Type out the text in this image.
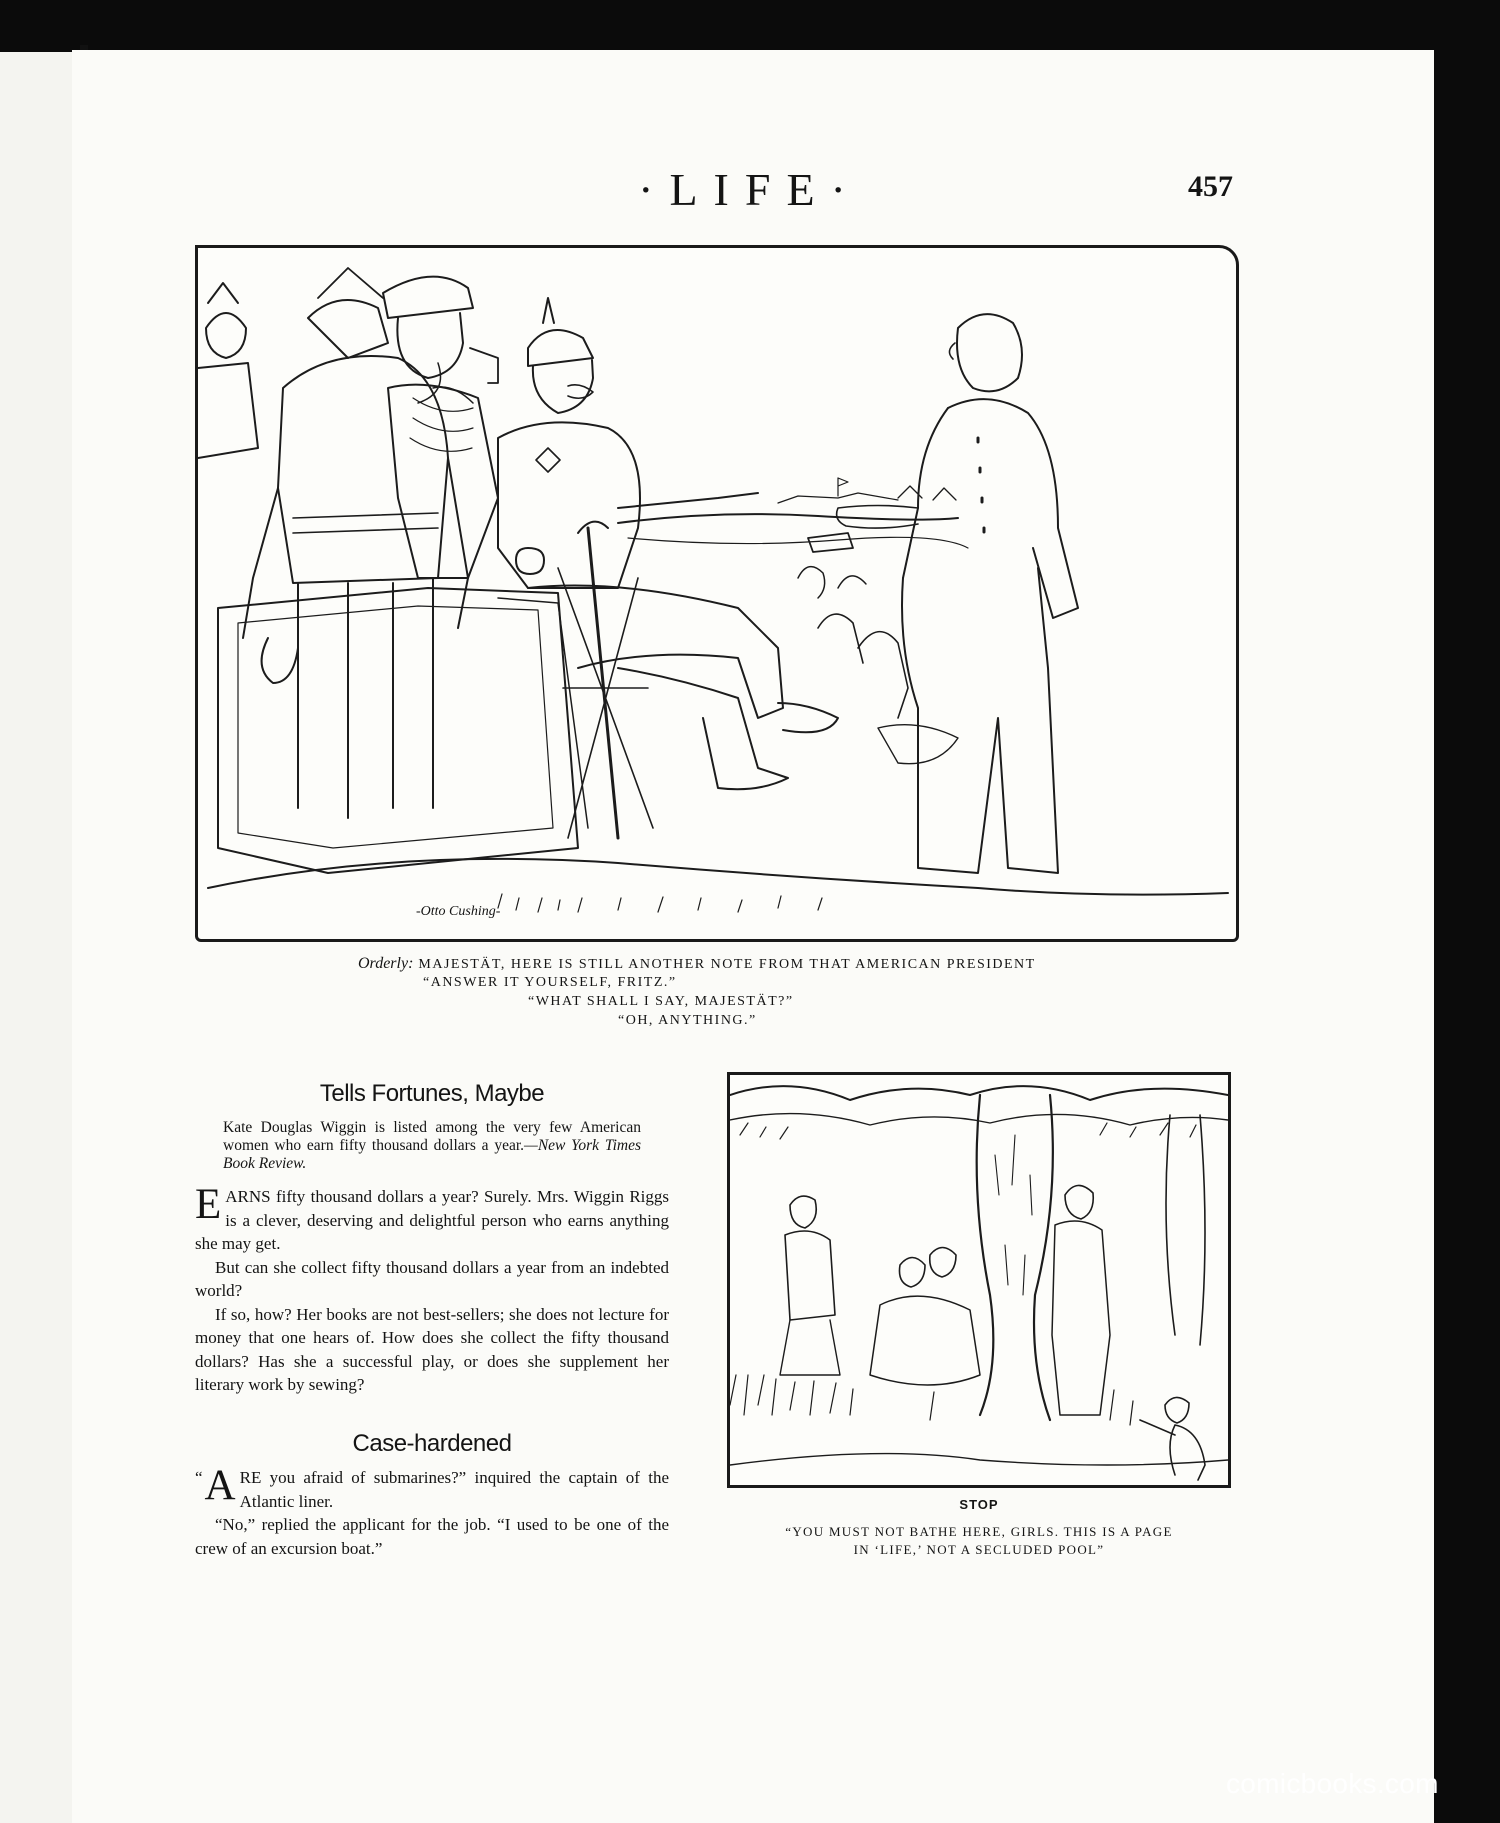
·LIFE·	457
-Otto Cushing-
Orderly: MAJESTÄT, HERE IS STILL ANOTHER NOTE FROM THAT AMERICAN PRESIDENT
“ANSWER IT YOURSELF, FRITZ.”
“WHAT SHALL I SAY, MAJESTÄT?”
“OH, ANYTHING.”
Tells Fortunes, Maybe
Kate Douglas Wiggin is listed among the very few American women who earn fifty thousand dollars a year.—New York Times Book Review.

EARNS fifty thousand dollars a year? Surely. Mrs. Wiggin Riggs is a clever, deserving and delightful person who earns anything she may get.

But can she collect fifty thousand dollars a year from an indebted world?

If so, how? Her books are not best-sellers; she does not lecture for money that one hears of. How does she collect the fifty thousand dollars? Has she a successful play, or does she supplement her literary work by sewing?

Case-hardened

“ A RE you afraid of submarines?” inquired the captain of the Atlantic liner.

“No,” replied the applicant for the job. “I used to be one of the crew of an excursion boat.”

STOP
“YOU MUST NOT BATHE HERE, GIRLS. THIS IS A PAGE
IN ‘LIFE,’ NOT A SECLUDED POOL”
comicbooks.com
